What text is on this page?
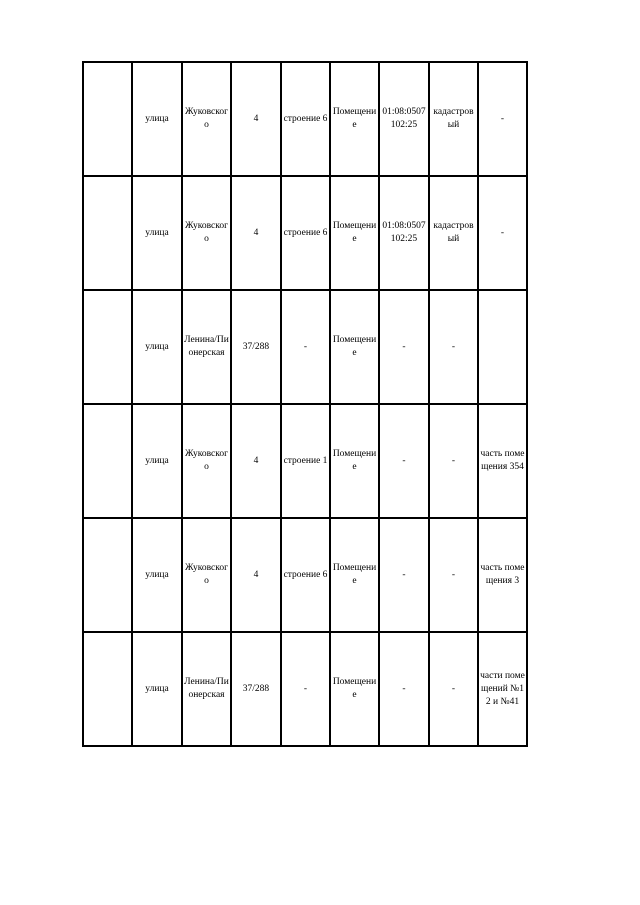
	улица	Жуковского	4	строение 6	Помещение	01:08:0507102:25	кадастровый	-

	улица	Жуковского	4	строение 6	Помещение	01:08:0507102:25	кадастровый	-

	улица	Ленина/Пионерская	37/288	-	Помещение	-	-	

	улица	Жуковского	4	строение 1	Помещение	-	-	часть помещения 354

	улица	Жуковского	4	строение 6	Помещение	-	-	часть помещения 3

	улица	Ленина/Пионерская	37/288	-	Помещение	-	-	части помещений №12 и №41
